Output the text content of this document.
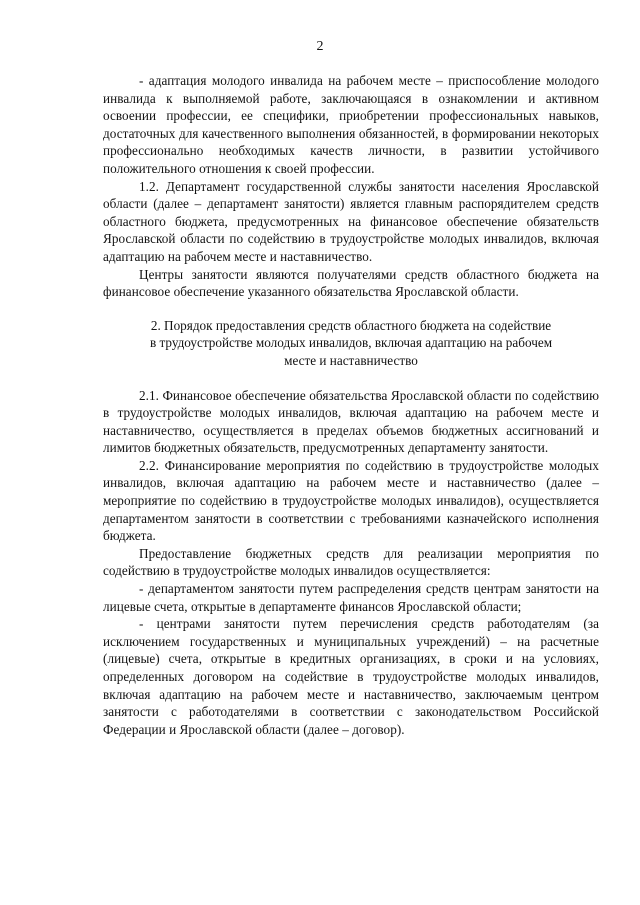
2

- адаптация молодого инвалида на рабочем месте – приспособление молодого инвалида к выполняемой работе, заключающаяся в ознакомлении и активном освоении профессии, ее специфики, приобретении профессиональных навыков, достаточных для качественного выполнения обязанностей, в формировании некоторых профессионально необходимых качеств личности, в развитии устойчивого положительного отношения к своей профессии.

1.2. Департамент государственной службы занятости населения Ярославской области (далее – департамент занятости) является главным распорядителем средств областного бюджета, предусмотренных на финансовое обеспечение обязательств Ярославской области по содействию в трудоустройстве молодых инвалидов, включая адаптацию на рабочем месте и наставничество.

Центры занятости являются получателями средств областного бюджета на финансовое обеспечение указанного обязательства Ярославской области.

2. Порядок предоставления средств областного бюджета на содействие
в трудоустройстве молодых инвалидов, включая адаптацию на рабочем
месте и наставничество

2.1. Финансовое обеспечение обязательства Ярославской области по содействию в трудоустройстве молодых инвалидов, включая адаптацию на рабочем месте и наставничество, осуществляется в пределах объемов бюджетных ассигнований и лимитов бюджетных обязательств, предусмотренных департаменту занятости.

2.2. Финансирование мероприятия по содействию в трудоустройстве молодых инвалидов, включая адаптацию на рабочем месте и наставничество (далее – мероприятие по содействию в трудоустройстве молодых инвалидов), осуществляется департаментом занятости в соответствии с требованиями казначейского исполнения бюджета.

Предоставление бюджетных средств для реализации мероприятия по содействию в трудоустройстве молодых инвалидов осуществляется:

- департаментом занятости путем распределения средств центрам занятости на лицевые счета, открытые в департаменте финансов Ярославской области;

- центрами занятости путем перечисления средств работодателям (за исключением государственных и муниципальных учреждений) – на расчетные (лицевые) счета, открытые в кредитных организациях, в сроки и на условиях, определенных договором на содействие в трудоустройстве молодых инвалидов, включая адаптацию на рабочем месте и наставничество, заключаемым центром занятости с работодателями в соответствии с законодательством Российской Федерации и Ярославской области (далее – договор).
